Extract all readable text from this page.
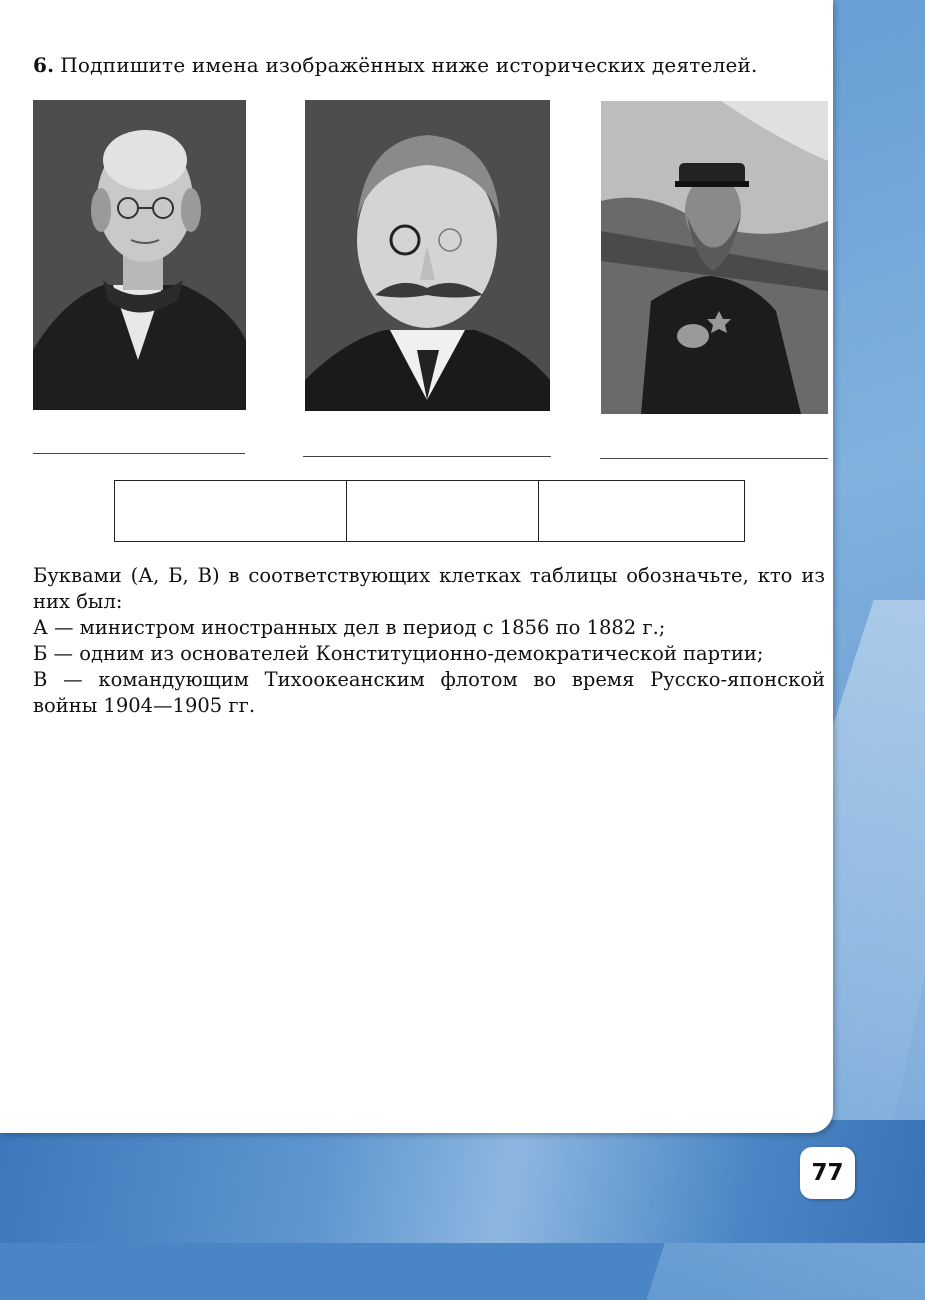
6. Подпишите имена изображённых ниже исторических деятелей.

Буквами (А, Б, В) в соответствующих клетках таблицы обозначьте, кто из них был:

А — министром иностранных дел в период с 1856 по 1882 г.;

Б — одним из основателей Конституционно-демократической партии;

В — командующим Тихоокеанским флотом во время Русско-японской войны 1904—1905 гг.

77
